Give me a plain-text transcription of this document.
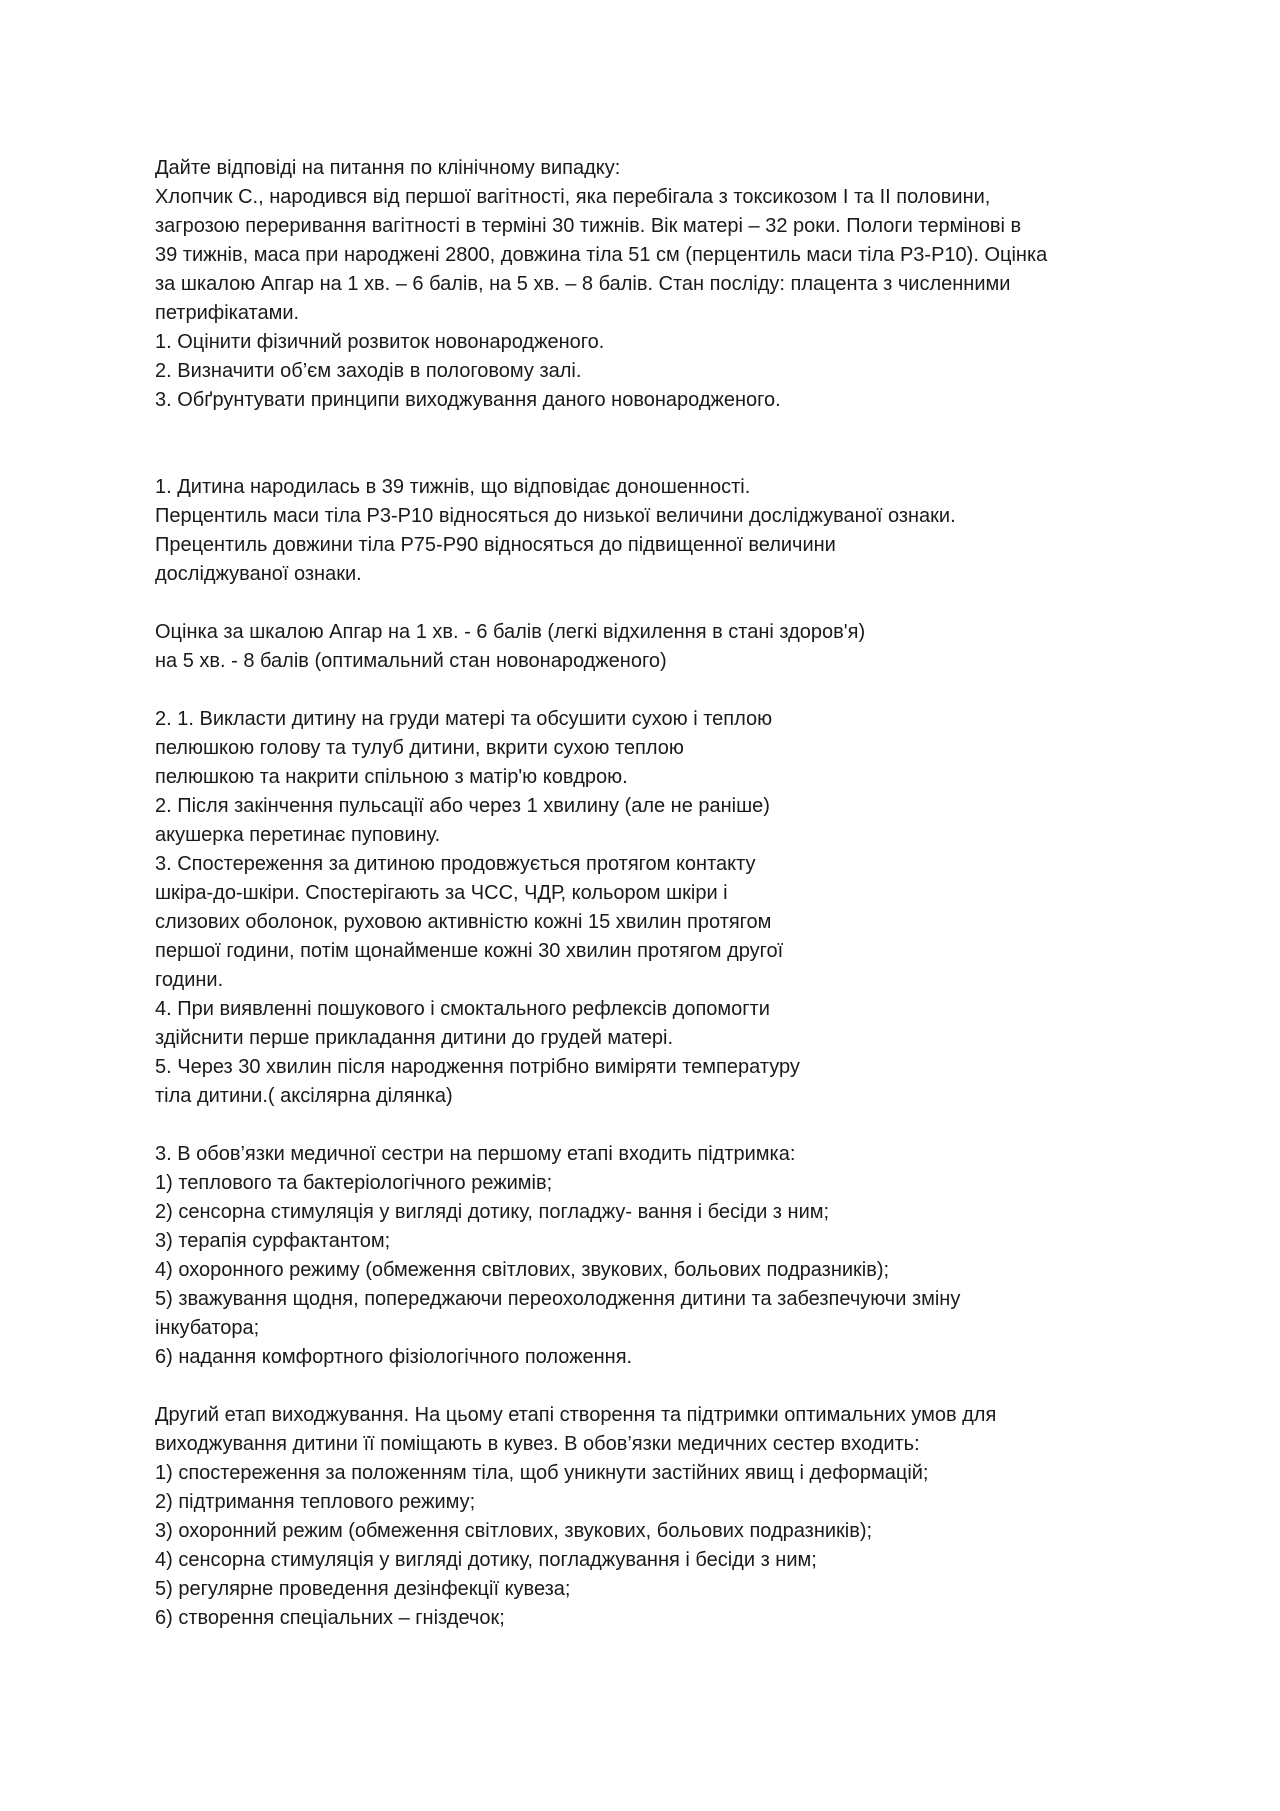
Дайте відповіді на питання по клінічному випадку:
Хлопчик С., народився від першої вагітності, яка перебігала з токсикозом І та ІІ половини,
загрозою переривання вагітності в терміні 30 тижнів. Вік матері – 32 роки. Пологи термінові в
39 тижнів, маса при народжені 2800, довжина тіла 51 см (перцентиль маси тіла Р3-Р10). Оцінка
за шкалою Апгар на 1 хв. – 6 балів, на 5 хв. – 8 балів. Стан посліду: плацента з численними
петрифікатами.
1. Оцінити фізичний розвиток новонародженого.
2. Визначити об’єм заходів в пологовому залі.
3. Обґрунтувати принципи виходжування даного новонародженого.
1. Дитина народилась в 39 тижнів, що відповідає доношенності.
Перцентиль маси тіла Р3-Р10 відносяться до низької величини досліджуваної ознаки.
Прецентиль довжини тіла Р75-Р90 відносяться до підвищенної величини
досліджуваної ознаки.
Оцінка за шкалою Апгар на 1 хв. - 6 балів (легкі відхилення в стані здоров'я)
на 5 хв. - 8 балів (оптимальний стан новонародженого)
2. 1. Викласти дитину на груди матері та обсушити сухою і теплою
пелюшкою голову та тулуб дитини, вкрити сухою теплою
пелюшкою та накрити спільною з матір'ю ковдрою.
2. Після закінчення пульсації або через 1 хвилину (але не раніше)
акушерка перетинає пуповину.
3. Спостереження за дитиною продовжується протягом контакту
шкіра-до-шкіри. Спостерігають за ЧСС, ЧДР, кольором шкіри і
слизових оболонок, руховою активністю кожні 15 хвилин протягом
першої години, потім щонайменше кожні 30 хвилин протягом другої
години.
4. При виявленні пошукового і смоктального рефлексів допомогти
здійснити перше прикладання дитини до грудей матері.
5. Через 30 хвилин після народження потрібно виміряти температуру
тіла дитини.( аксілярна ділянка)
3. В обов’язки медичної сестри на першому етапі входить підтримка:
1) теплового та бактеріологічного режимів;
2) сенсорна стимуляція у вигляді дотику, погладжу- вання і бесіди з ним;
3) терапія сурфактантом;
4) охоронного режиму (обмеження світлових, звукових, больових подразників);
5) зважування щодня, попереджаючи переохолодження дитини та забезпечуючи зміну
інкубатора;
6) надання комфортного фізіологічного положення.
Другий етап виходжування. На цьому етапі створення та підтримки оптимальних умов для
виходжування дитини її поміщають в кувез. В обов’язки медичних сестер входить:
1) спостереження за положенням тіла, щоб уникнути застійних явищ і деформацій;
2) підтримання теплового режиму;
3) охоронний режим (обмеження світлових, звукових, больових подразників);
4) сенсорна стимуляція у вигляді дотику, погладжування і бесіди з ним;
5) регулярне проведення дезінфекції кувеза;
6) створення спеціальних – гніздечок;
